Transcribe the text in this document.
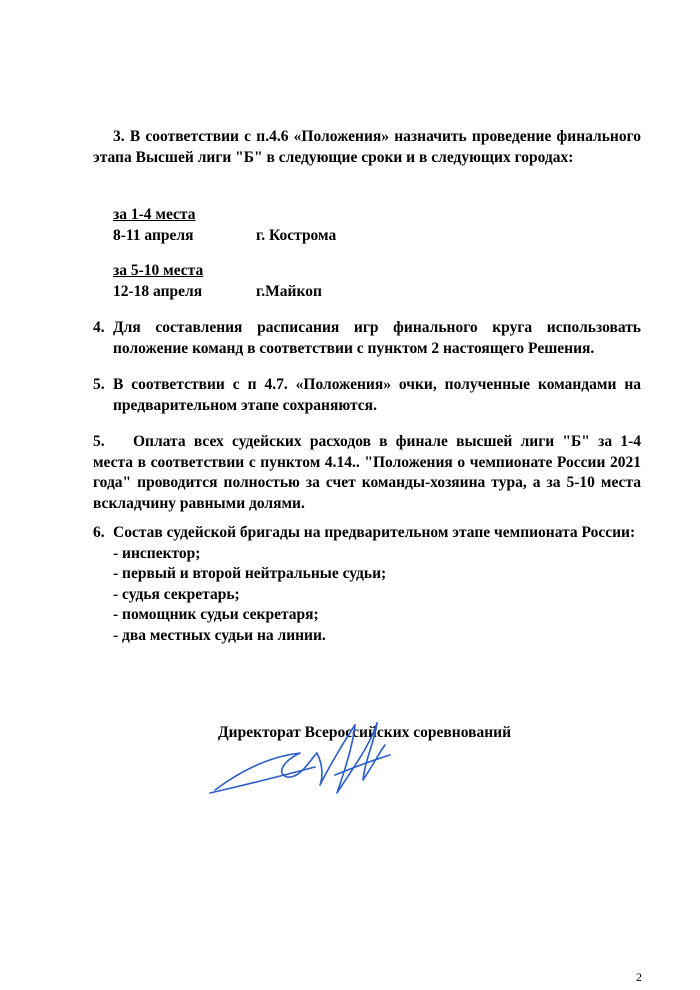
3. В соответствии с п.4.6 «Положения» назначить проведение финального этапа Высшей лиги "Б" в следующие сроки и в следующих городах:
за 1-4 места
8-11 апреля	г. Кострома
за 5-10 места
12-18 апреля	г.Майкоп
4. Для составления расписания игр финального круга использовать положение команд в соответствии с пунктом 2 настоящего Решения.
5. В соответствии с п 4.7. «Положения» очки, полученные командами на предварительном этапе сохраняются.
5.	Оплата всех судейских расходов в финале высшей лиги "Б" за 1-4 места в соответствии с пунктом 4.14.. "Положения о чемпионате России 2021 года" проводится полностью за счет команды-хозяина тура, а за 5-10 места вскладчину равными долями.
6. Состав судейской бригады на предварительном этапе чемпионата России:
- инспектор;
- первый и второй нейтральные судьи;
- судья секретарь;
- помощник судьи секретаря;
- два местных судьи на линии.
Директорат Всероссийских соревнований
2
